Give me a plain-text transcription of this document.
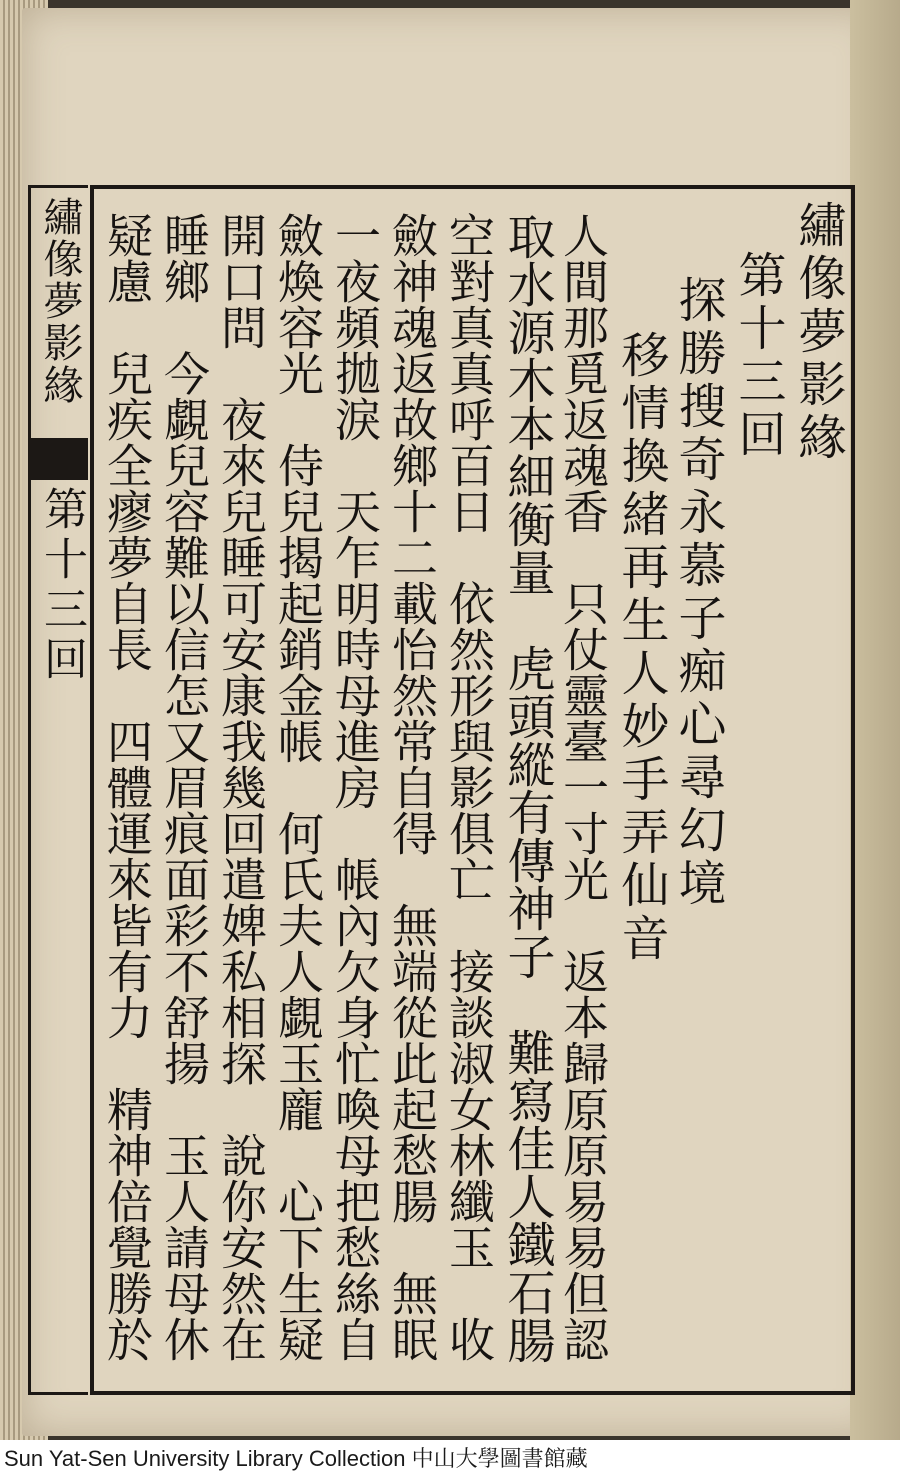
繡像夢影緣
第十三回
繡像夢影緣
第十三回
探勝搜奇永慕子痴心尋幻境
移情換緒再生人妙手弄仙音
人間那覓返魂香　只仗靈臺一寸光　返本歸原原易易但認
取水源木本細衡量　虎頭縱有傳神子　難寫佳人鐵石腸
空對真真呼百日　依然形與影俱亡　接談淑女林纖玉　收
斂神魂返故鄉十二載怡然常自得　無端從此起愁腸　無眠
一夜頻拋淚　天乍明時母進房　帳內欠身忙喚母把愁絲自
斂煥容光　侍兒揭起銷金帳　何氏夫人覷玉龐　心下生疑
開口問　夜來兒睡可安康我幾回遣婢私相探　說你安然在
睡鄉　今覷兒容難以信怎又眉痕面彩不舒揚　玉人請母休
疑慮　兒疾全瘳夢自長　四體運來皆有力　精神倍覺勝於
Sun Yat-Sen University Library Collection 中山大學圖書館藏
